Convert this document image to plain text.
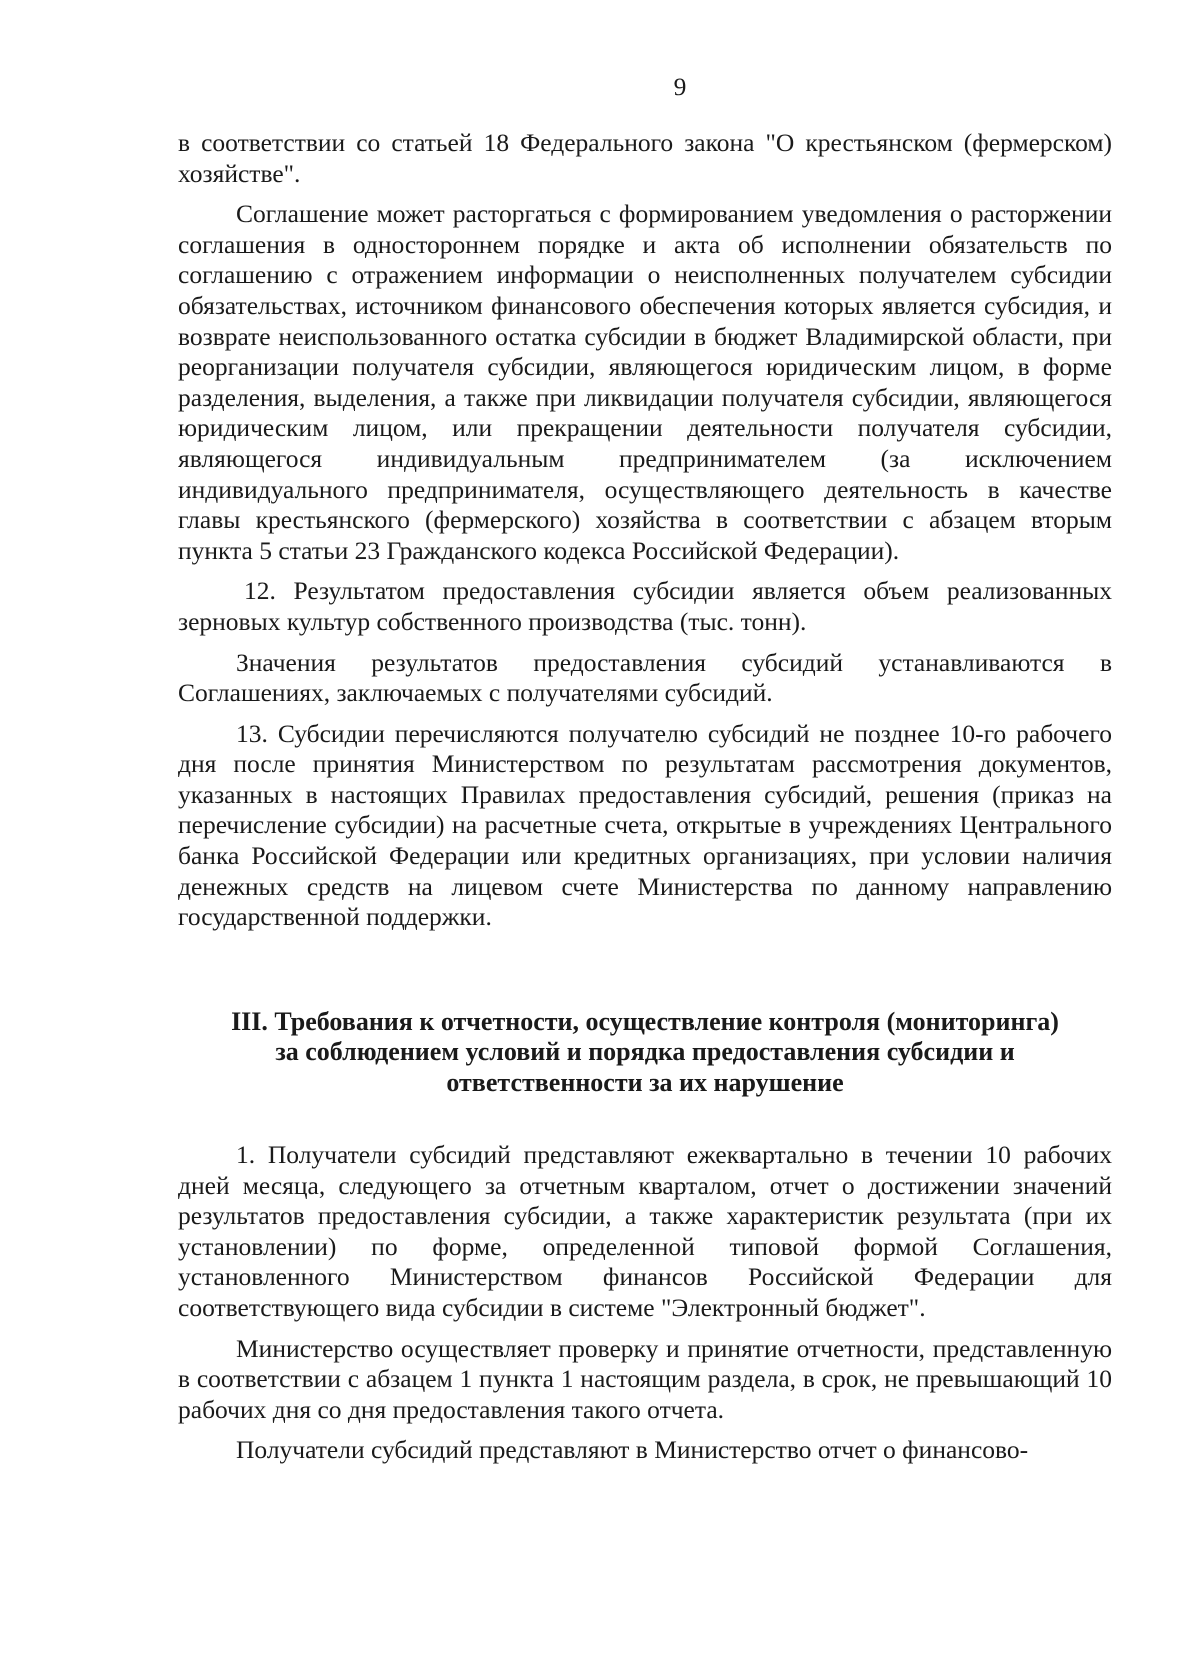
9

в соответствии со статьей 18 Федерального закона "О крестьянском (фермерском) хозяйстве".

Соглашение может расторгаться с формированием уведомления о расторжении соглашения в одностороннем порядке и акта об исполнении обязательств по соглашению с отражением информации о неисполненных получателем субсидии обязательствах, источником финансового обеспечения которых является субсидия, и возврате неиспользованного остатка субсидии в бюджет Владимирской области, при реорганизации получателя субсидии, являющегося юридическим лицом, в форме разделения, выделения, а также при ликвидации получателя субсидии, являющегося юридическим лицом, или прекращении деятельности получателя субсидии, являющегося индивидуальным предпринимателем (за исключением индивидуального предпринимателя, осуществляющего деятельность в качестве главы крестьянского (фермерского) хозяйства в соответствии с абзацем вторым пункта 5 статьи 23 Гражданского кодекса Российской Федерации).

12. Результатом предоставления субсидии является объем реализованных зерновых культур собственного производства (тыс. тонн).

Значения результатов предоставления субсидий устанавливаются в Соглашениях, заключаемых с получателями субсидий.

13. Субсидии перечисляются получателю субсидий не позднее 10-го рабочего дня после принятия Министерством по результатам рассмотрения документов, указанных в настоящих Правилах предоставления субсидий, решения (приказ на перечисление субсидии) на расчетные счета, открытые в учреждениях Центрального банка Российской Федерации или кредитных организациях, при условии наличия денежных средств на лицевом счете Министерства по данному направлению государственной поддержки.

III. Требования к отчетности, осуществление контроля (мониторинга)
за соблюдением условий и порядка предоставления субсидии и
ответственности за их нарушение

1. Получатели субсидий представляют ежеквартально в течении 10 рабочих дней месяца, следующего за отчетным кварталом, отчет о достижении значений результатов предоставления субсидии, а также характеристик результата (при их установлении) по форме, определенной типовой формой Соглашения, установленного Министерством финансов Российской Федерации для соответствующего вида субсидии в системе "Электронный бюджет".

Министерство осуществляет проверку и принятие отчетности, представленную в соответствии с абзацем 1 пункта 1 настоящим раздела, в срок, не превышающий 10 рабочих дня со дня предоставления такого отчета.

Получатели субсидий представляют в Министерство отчет о финансово-
